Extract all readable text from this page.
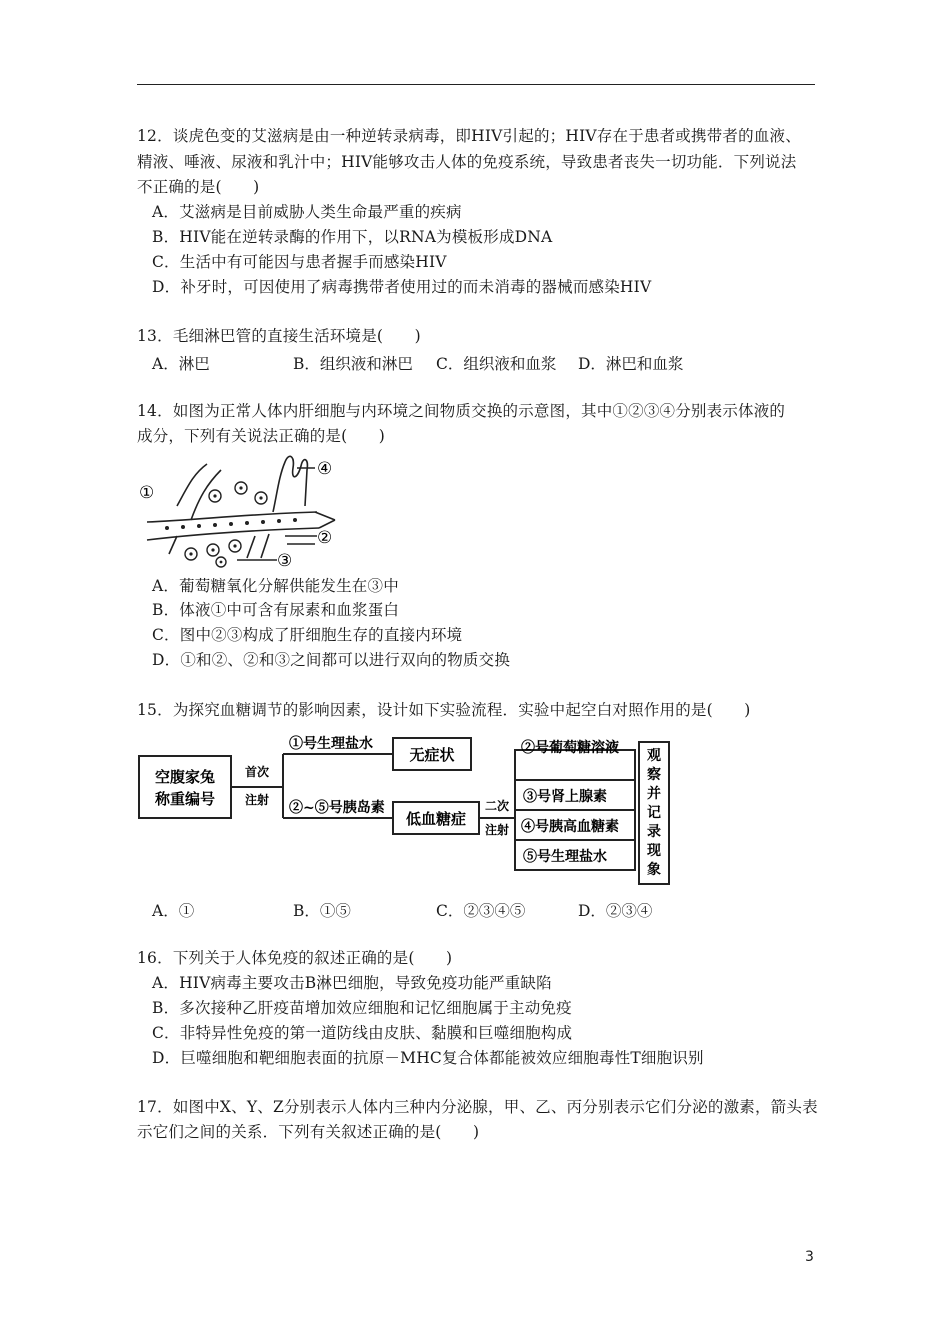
12．谈虎色变的艾滋病是由一种逆转录病毒，即HIV引起的；HIV存在于患者或携带者的血液、
精液、唾液、尿液和乳汁中；HIV能够攻击人体的免疫系统，导致患者丧失一切功能．下列说法
不正确的是(　　)
A．艾滋病是目前威胁人类生命最严重的疾病
B．HIV能在逆转录酶的作用下，以RNA为模板形成DNA
C．生活中有可能因与患者握手而感染HIV
D．补牙时，可因使用了病毒携带者使用过的而未消毒的器械而感染HIV
13．毛细淋巴管的直接生活环境是(　　)
A．淋巴	B．组织液和淋巴 C．组织液和血浆 D．淋巴和血浆
14．如图为正常人体内肝细胞与内环境之间物质交换的示意图，其中①②③④分别表示体液的
成分，下列有关说法正确的是(　　)
①
④
②
③
A．葡萄糖氧化分解供能发生在③中
B．体液①中可含有尿素和血浆蛋白
C．图中②③构成了肝细胞生存的直接内环境
D．①和②、②和③之间都可以进行双向的物质交换
15．为探究血糖调节的影响因素，设计如下实验流程．实验中起空白对照作用的是(　　)
空腹家兔
称重编号
首次
注射
①号生理盐水
②~⑤号胰岛素
无症状
低血糖症
二次
注射
②号葡萄糖溶液
③号肾上腺素
④号胰高血糖素
⑤号生理盐水
观
察
并
记
录
现
象
A．①	B．①⑤	C．②③④⑤	D．②③④
16．下列关于人体免疫的叙述正确的是(　　)
A．HIV病毒主要攻击B淋巴细胞，导致免疫功能严重缺陷
B．多次接种乙肝疫苗增加效应细胞和记忆细胞属于主动免疫
C．非特异性免疫的第一道防线由皮肤、黏膜和巨噬细胞构成
D．巨噬细胞和靶细胞表面的抗原－MHC复合体都能被效应细胞毒性T细胞识别
17．如图中X、Y、Z分别表示人体内三种内分泌腺，甲、乙、丙分别表示它们分泌的激素，箭头表
示它们之间的关系．下列有关叙述正确的是(　　)
3
